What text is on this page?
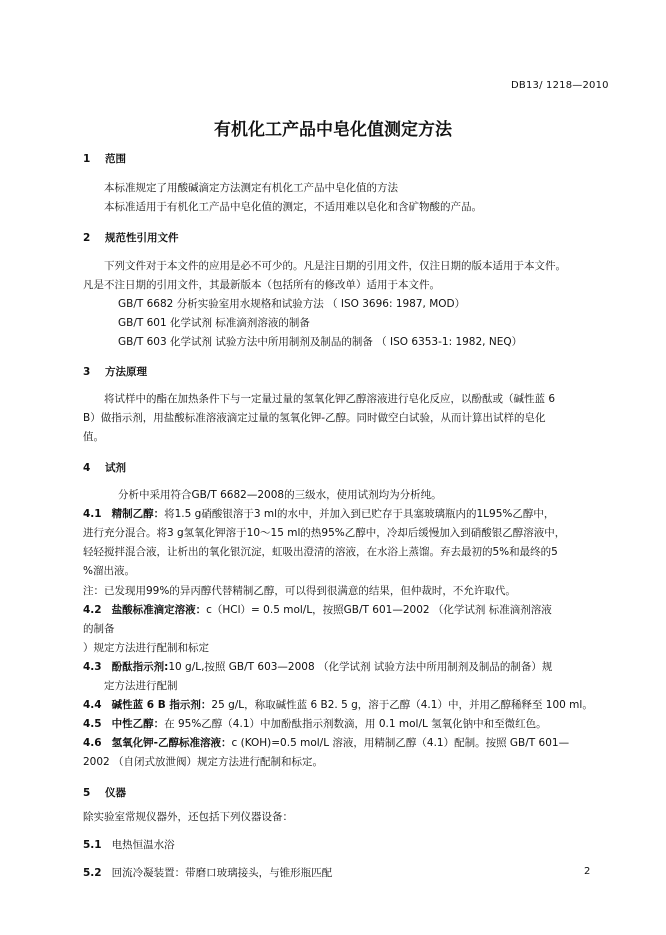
DB13/ 1218—2010
有机化工产品中皂化值测定方法
1 范围
本标准规定了用酸碱滴定方法测定有机化工产品中皂化值的方法
本标准适用于有机化工产品中皂化值的测定，不适用难以皂化和含矿物酸的产品。
2 规范性引用文件
下列文件对于本文件的应用是必不可少的。凡是注日期的引用文件，仅注日期的版本适用于本文件。
凡是不注日期的引用文件，其最新版本（包括所有的修改单）适用于本文件。
GB/T 6682 分析实验室用水规格和试验方法 （ ISO 3696: 1987, MOD）
GB/T 601 化学试剂 标准滴剂溶液的制备
GB/T 603 化学试剂 试验方法中所用制剂及制品的制备 （ ISO 6353-1: 1982, NEQ）
3 方法原理
将试样中的酯在加热条件下与一定量过量的氢氧化钾乙醇溶液进行皂化反应，以酚酞或（碱性蓝 6
B）做指示剂，用盐酸标准溶液滴定过量的氢氧化钾-乙醇。同时做空白试验，从而计算出试样的皂化
值。
4 试剂
分析中采用符合GB/T 6682—2008的三级水，使用试剂均为分析纯。
4.1 精制乙醇：将1.5 g硝酸银溶于3 ml的水中，并加入到已贮存于具塞玻璃瓶内的1L95%乙醇中，
进行充分混合。将3 g氢氧化钾溶于10～15 ml的热95%乙醇中，冷却后缓慢加入到硝酸银乙醇溶液中，
轻轻搅拌混合液，让析出的氧化银沉淀，虹吸出澄清的溶液，在水浴上蒸馏。弃去最初的5%和最终的5
%溜出液。
注：已发现用99%的异丙醇代替精制乙醇，可以得到很满意的结果，但仲裁时，不允许取代。
4.2 盐酸标准滴定溶液：c（HCl）= 0.5 mol/L，按照GB/T 601—2002 （化学试剂 标准滴剂溶液
的制备
）规定方法进行配制和标定
4.3 酚酞指示剂:10 g/L,按照 GB/T 603—2008 （化学试剂 试验方法中所用制剂及制品的制备）规
定方法进行配制
4.4 碱性蓝 6 B 指示剂：25 g/L，称取碱性蓝 6 B2. 5 g，溶于乙醇（4.1）中，并用乙醇稀释至 100 ml。
4.5 中性乙醇：在 95%乙醇（4.1）中加酚酞指示剂数滴，用 0.1 mol/L 氢氧化钠中和至微红色。
4.6 氢氧化钾-乙醇标准溶液：c (KOH)=0.5 mol/L 溶液，用精制乙醇（4.1）配制。按照 GB/T 601—
2002 （自闭式放泄阀）规定方法进行配制和标定。
5 仪器
除实验室常规仪器外，还包括下列仪器设备：
5.1 电热恒温水浴
5.2 回流冷凝装置：带磨口玻璃接头，与锥形瓶匹配	2
